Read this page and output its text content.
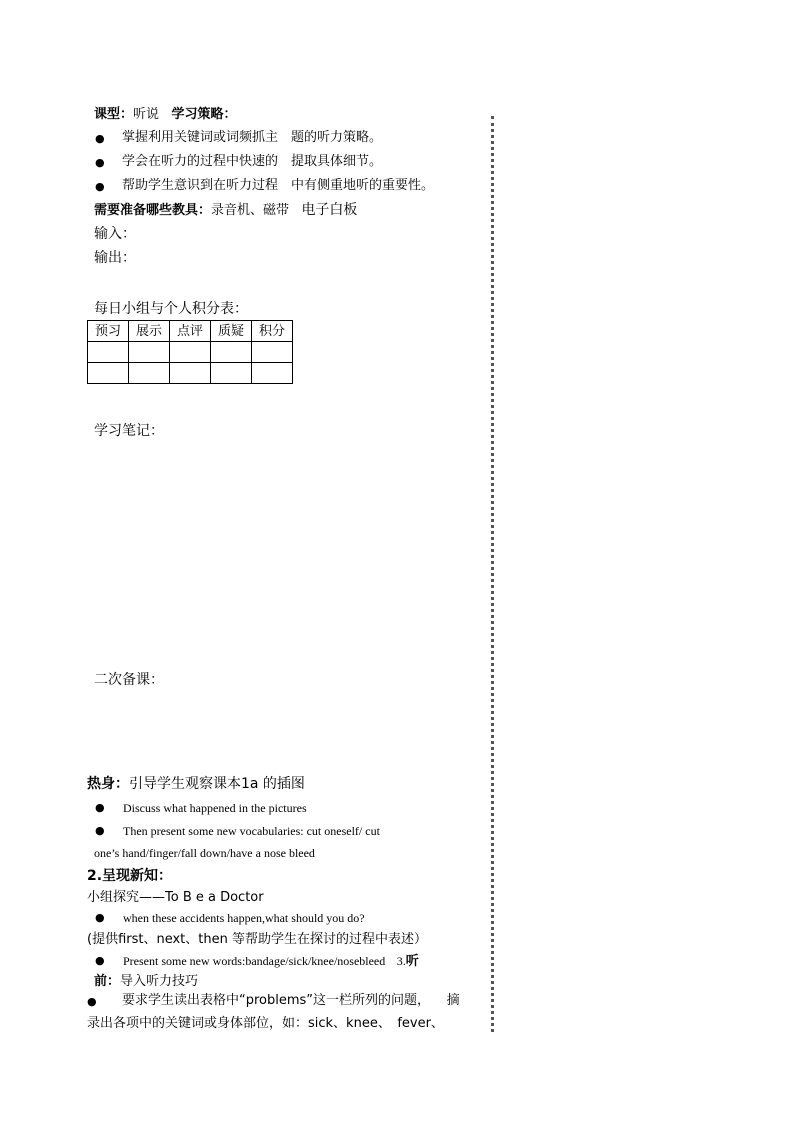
课型：听说 学习策略：
● 掌握利用关键词或词频抓主　题的听力策略。
● 学会在听力的过程中快速的　提取具体细节。
● 帮助学生意识到在听力过程　中有侧重地听的重要性。
需要准备哪些教具：录音机、磁带 电子白板
输入：
输出：
每日小组与个人积分表：
预习	展示	点评	质疑	积分

学习笔记：
二次备课：
热身：引导学生观察课本1a 的插图
● Discuss what happened in the pictures
● Then present some new vocabularies: cut oneself/ cut
one’s hand/finger/fall down/have a nose bleed
2.呈现新知：
小组探究——To B e a Doctor
● when these accidents happen,what should you do?
(提供first、next、then 等帮助学生在探讨的过程中表述）
● Present some new words:bandage/sick/knee/nosebleed 3.听
前：导入听力技巧
● 要求学生读出表格中“problems”这一栏所列的问题， 摘
录出各项中的关键词或身体部位，如：sick、knee、　fever、
